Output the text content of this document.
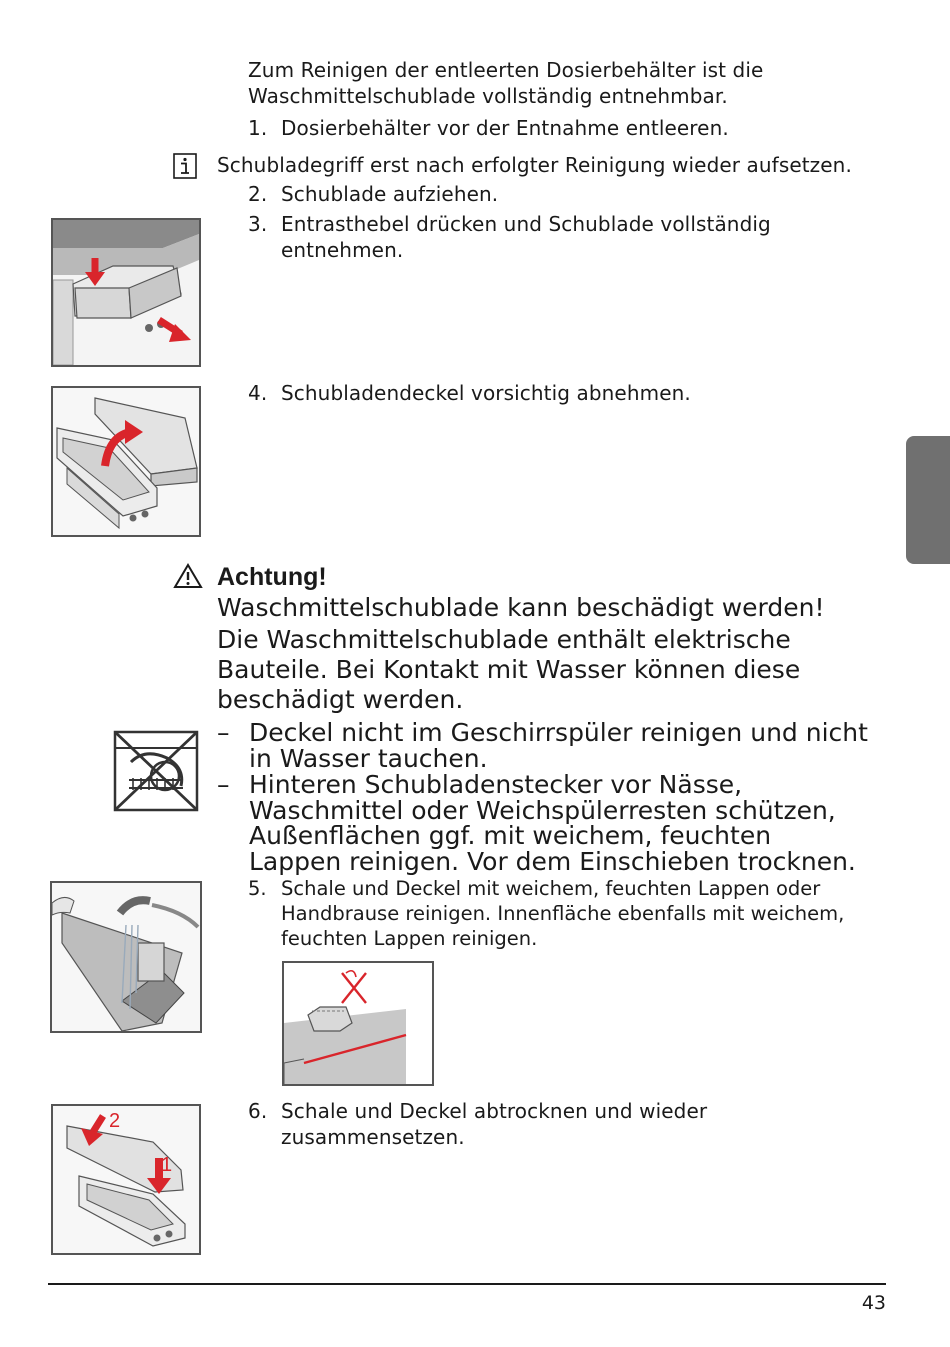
Zum Reinigen der entleerten Dosierbehälter ist die Waschmittelschublade vollständig entnehmbar.
1. Dosierbehälter vor der Entnahme entleeren.
Schubladegriff erst nach erfolgter Reinigung wieder aufsetzen.
2. Schublade aufziehen.
3. Entrasthebel drücken und Schublade vollständig entnehmen.
4. Schubladendeckel vorsichtig abnehmen.
Achtung!
Waschmittelschublade kann beschädigt werden!
Die Waschmittelschublade enthält elektrische Bauteile. Bei Kontakt mit Wasser können diese beschädigt werden.
– Deckel nicht im Geschirrspüler reinigen und nicht in Wasser tauchen.
– Hinteren Schubladenstecker vor Nässe, Waschmittel oder Weichspülerresten schützen, Außenflächen ggf. mit weichem, feuchten Lappen reinigen. Vor dem Einschieben trocknen.
5. Schale und Deckel mit weichem, feuchten Lappen oder Handbrause reinigen. Innenfläche ebenfalls mit weichem, feuchten Lappen reinigen.
6. Schale und Deckel abtrocknen und wieder zusammensetzen.
2
1
43
